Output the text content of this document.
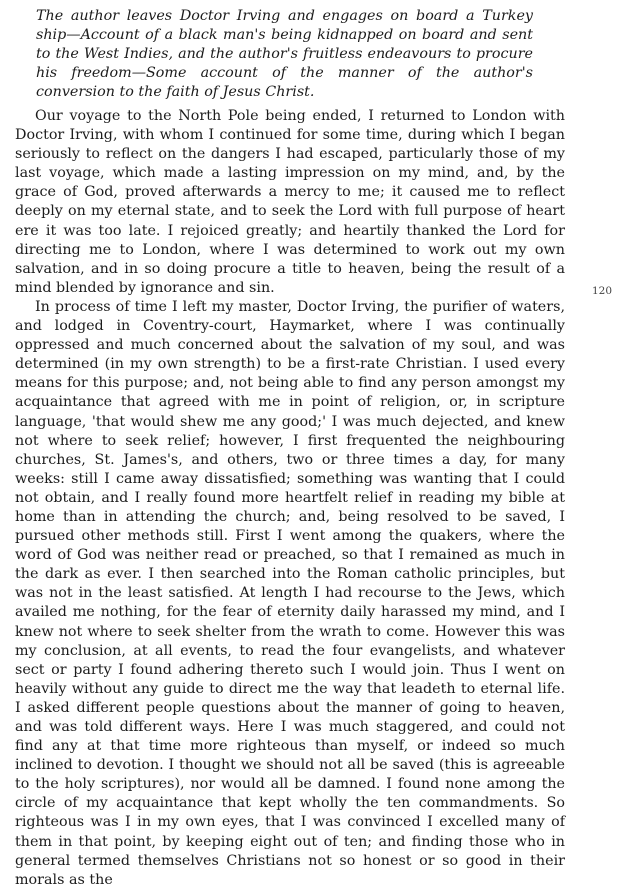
The author leaves Doctor Irving and engages on board a Turkey ship—Account of a black man's being kidnapped on board and sent to the West Indies, and the author's fruitless endeavours to procure his freedom—Some account of the manner of the author's conversion to the faith of Jesus Christ.

Our voyage to the North Pole being ended, I returned to London with Doctor Irving, with whom I continued for some time, during which I began seriously to reflect on the dangers I had escaped, particularly those of my last voyage, which made a lasting impression on my mind, and, by the grace of God, proved afterwards a mercy to me; it caused me to reflect deeply on my eternal state, and to seek the Lord with full purpose of heart ere it was too late. I rejoiced greatly; and heartily thanked the Lord for directing me to London, where I was determined to work out my own salvation, and in so doing procure a title to heaven, being the result of a mind blended by ignorance and sin.

In process of time I left my master, Doctor Irving, the purifier of waters, and lodged in Coventry-court, Haymarket, where I was continually oppressed and much concerned about the salvation of my soul, and was determined (in my own strength) to be a first-rate Christian. I used every means for this purpose; and, not being able to find any person amongst my acquaintance that agreed with me in point of religion, or, in scripture language, 'that would shew me any good;' I was much dejected, and knew not where to seek relief; however, I first frequented the neighbouring churches, St. James's, and others, two or three times a day, for many weeks: still I came away dissatisfied; something was wanting that I could not obtain, and I really found more heartfelt relief in reading my bible at home than in attending the church; and, being resolved to be saved, I pursued other methods still. First I went among the quakers, where the word of God was neither read or preached, so that I remained as much in the dark as ever. I then searched into the Roman catholic principles, but was not in the least satisfied. At length I had recourse to the Jews, which availed me nothing, for the fear of eternity daily harassed my mind, and I knew not where to seek shelter from the wrath to come. However this was my conclusion, at all events, to read the four evangelists, and whatever sect or party I found adhering thereto such I would join. Thus I went on heavily without any guide to direct me the way that leadeth to eternal life. I asked different people questions about the manner of going to heaven, and was told different ways. Here I was much staggered, and could not find any at that time more righteous than myself, or indeed so much inclined to devotion. I thought we should not all be saved (this is agreeable to the holy scriptures), nor would all be damned. I found none among the circle of my acquaintance that kept wholly the ten commandments. So righteous was I in my own eyes, that I was convinced I excelled many of them in that point, by keeping eight out of ten; and finding those who in general termed themselves Christians not so honest or so good in their morals as the

120
